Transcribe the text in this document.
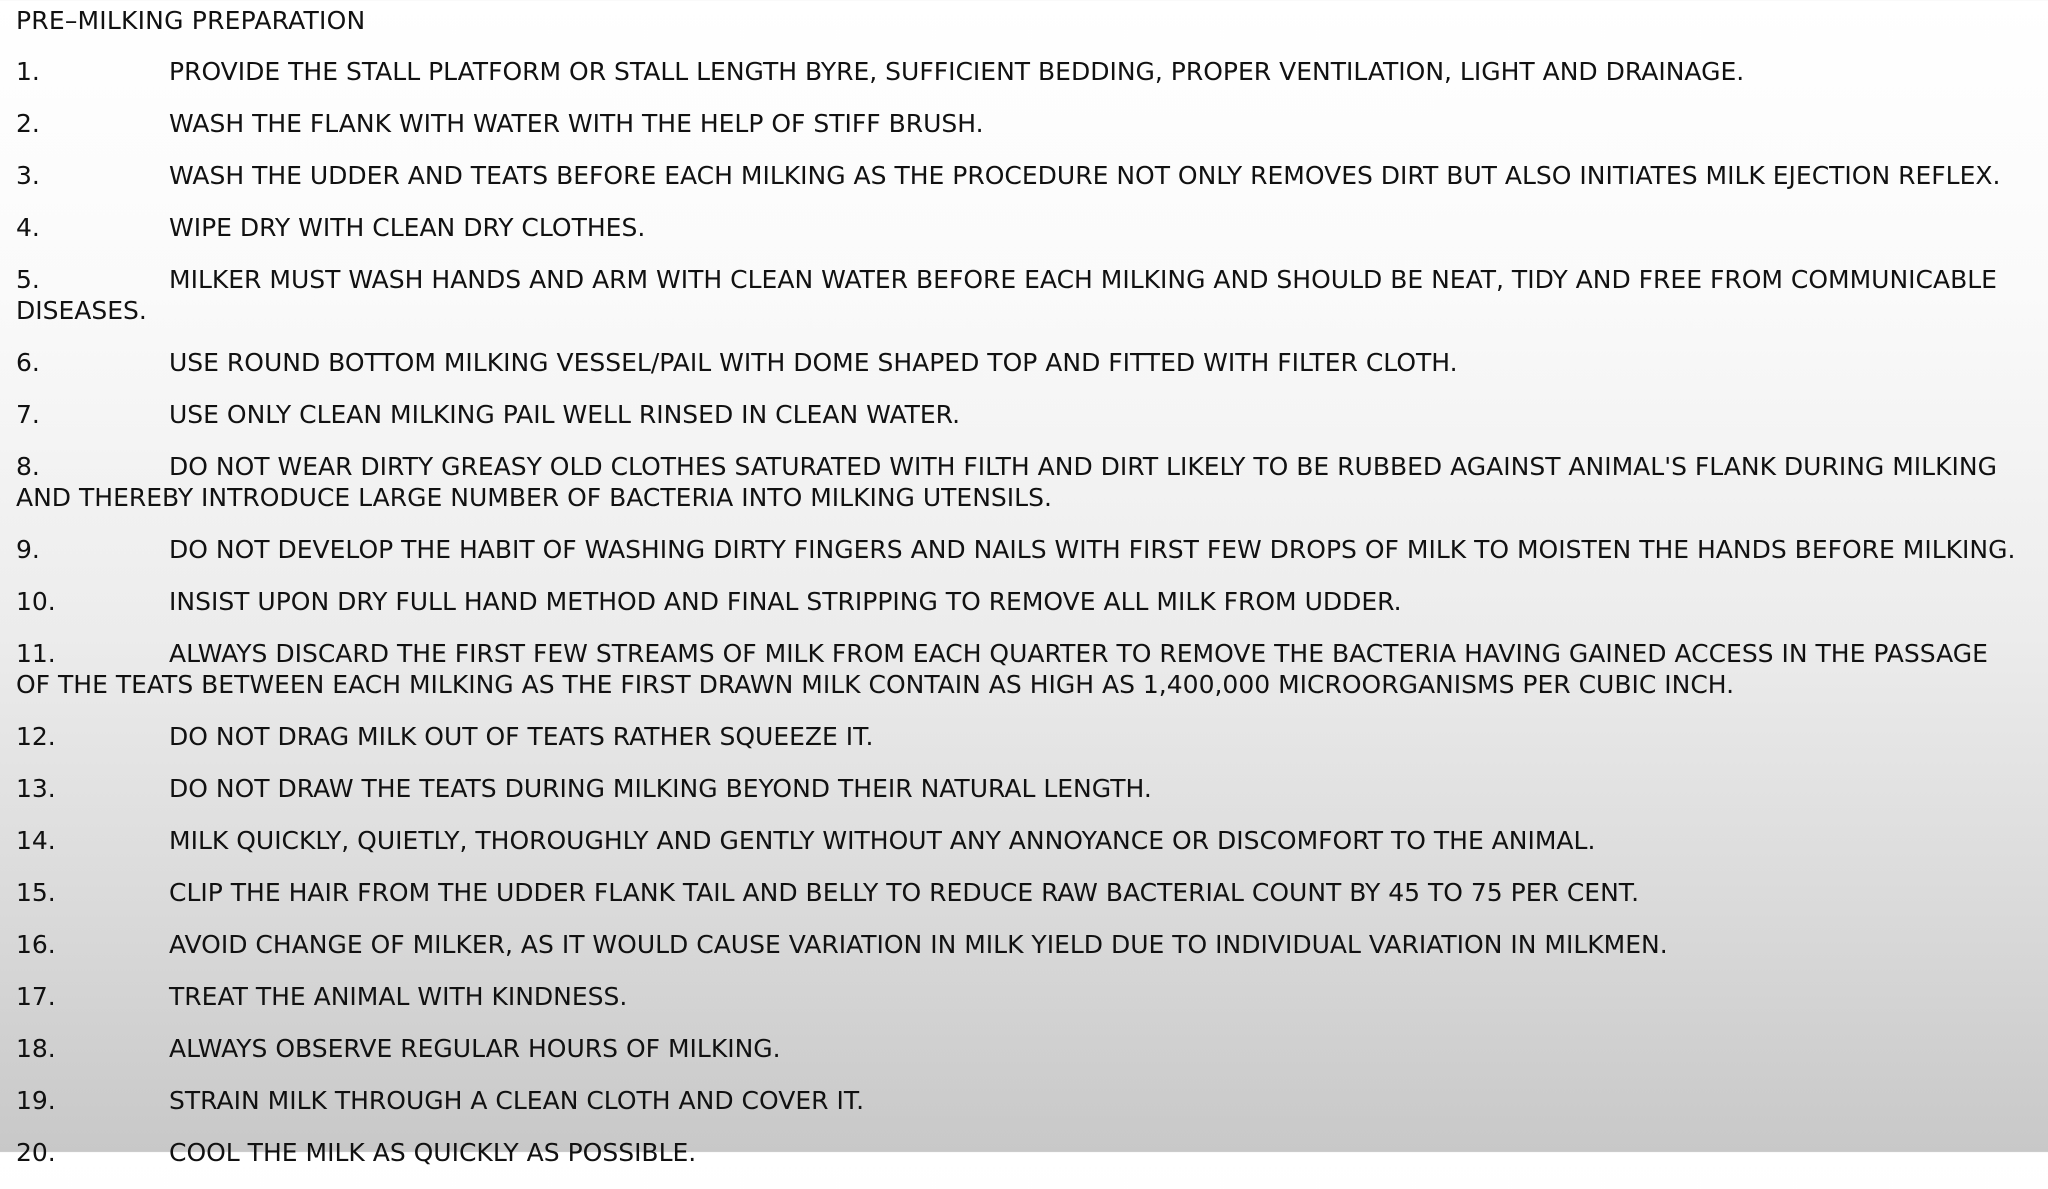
PRE–MILKING PREPARATION
1.	PROVIDE THE STALL PLATFORM OR STALL LENGTH BYRE, SUFFICIENT BEDDING, PROPER VENTILATION, LIGHT AND DRAINAGE.
2.	WASH THE FLANK WITH WATER WITH THE HELP OF STIFF BRUSH.
3.	WASH THE UDDER AND TEATS BEFORE EACH MILKING AS THE PROCEDURE NOT ONLY REMOVES DIRT BUT ALSO INITIATES MILK EJECTION REFLEX.
4.	WIPE DRY WITH CLEAN DRY CLOTHES.
5.	MILKER MUST WASH HANDS AND ARM WITH CLEAN WATER BEFORE EACH MILKING AND SHOULD BE NEAT, TIDY AND FREE FROM COMMUNICABLE DISEASES.
6.	USE ROUND BOTTOM MILKING VESSEL/PAIL WITH DOME SHAPED TOP AND FITTED WITH FILTER CLOTH.
7.	USE ONLY CLEAN MILKING PAIL WELL RINSED IN CLEAN WATER.
8.	DO NOT WEAR DIRTY GREASY OLD CLOTHES SATURATED WITH FILTH AND DIRT LIKELY TO BE RUBBED AGAINST ANIMAL'S FLANK DURING MILKING AND THEREBY INTRODUCE LARGE NUMBER OF BACTERIA INTO MILKING UTENSILS.
9.	DO NOT DEVELOP THE HABIT OF WASHING DIRTY FINGERS AND NAILS WITH FIRST FEW DROPS OF MILK TO MOISTEN THE HANDS BEFORE MILKING.
10.	INSIST UPON DRY FULL HAND METHOD AND FINAL STRIPPING TO REMOVE ALL MILK FROM UDDER.
11.	ALWAYS DISCARD THE FIRST FEW STREAMS OF MILK FROM EACH QUARTER TO REMOVE THE BACTERIA HAVING GAINED ACCESS IN THE PASSAGE OF THE TEATS BETWEEN EACH MILKING AS THE FIRST DRAWN MILK CONTAIN AS HIGH AS 1,400,000 MICROORGANISMS PER CUBIC INCH.
12.	DO NOT DRAG MILK OUT OF TEATS RATHER SQUEEZE IT.
13.	DO NOT DRAW THE TEATS DURING MILKING BEYOND THEIR NATURAL LENGTH.
14.	MILK QUICKLY, QUIETLY, THOROUGHLY AND GENTLY WITHOUT ANY ANNOYANCE OR DISCOMFORT TO THE ANIMAL.
15.	CLIP THE HAIR FROM THE UDDER FLANK TAIL AND BELLY TO REDUCE RAW BACTERIAL COUNT BY 45 TO 75 PER CENT.
16.	AVOID CHANGE OF MILKER, AS IT WOULD CAUSE VARIATION IN MILK YIELD DUE TO INDIVIDUAL VARIATION IN MILKMEN.
17.	TREAT THE ANIMAL WITH KINDNESS.
18.	ALWAYS OBSERVE REGULAR HOURS OF MILKING.
19.	STRAIN MILK THROUGH A CLEAN CLOTH AND COVER IT.
20.	COOL THE MILK AS QUICKLY AS POSSIBLE.
